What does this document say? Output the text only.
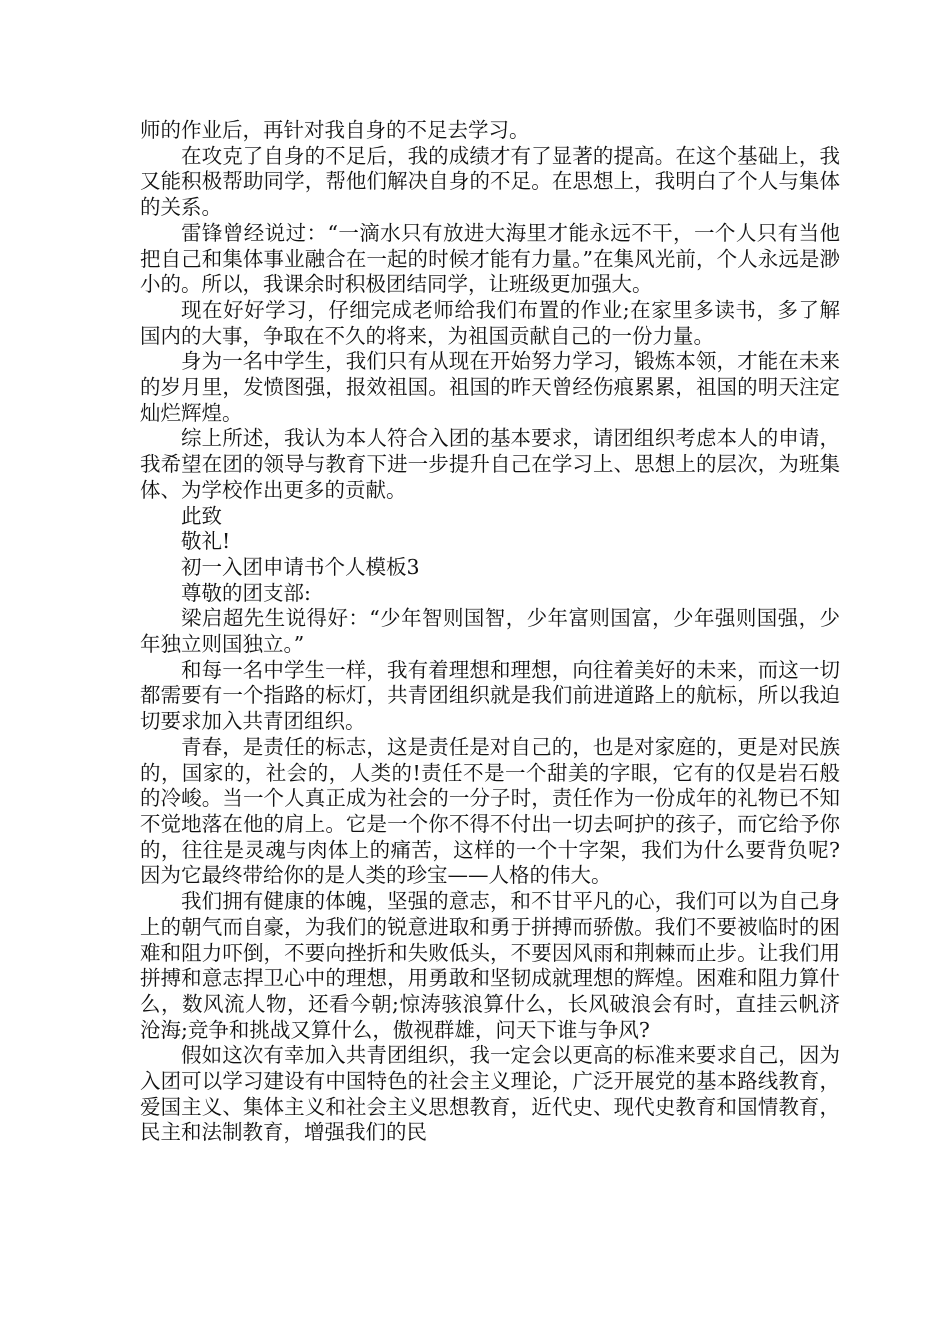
师的作业后，再针对我自身的不足去学习。

在攻克了自身的不足后，我的成绩才有了显著的提高。在这个基础上，我又能积极帮助同学，帮他们解决自身的不足。在思想上，我明白了个人与集体的关系。

雷锋曾经说过：“一滴水只有放进大海里才能永远不干，一个人只有当他把自己和集体事业融合在一起的时候才能有力量。”在集风光前，个人永远是渺小的。所以，我课余时积极团结同学，让班级更加强大。

现在好好学习，仔细完成老师给我们布置的作业;在家里多读书，多了解国内的大事，争取在不久的将来，为祖国贡献自己的一份力量。

身为一名中学生，我们只有从现在开始努力学习，锻炼本领，才能在未来的岁月里，发愤图强，报效祖国。祖国的昨天曾经伤痕累累，祖国的明天注定灿烂辉煌。

综上所述，我认为本人符合入团的基本要求，请团组织考虑本人的申请，我希望在团的领导与教育下进一步提升自己在学习上、思想上的层次，为班集体、为学校作出更多的贡献。

此致

敬礼!

初一入团申请书个人模板3

尊敬的团支部:

梁启超先生说得好：“少年智则国智，少年富则国富，少年强则国强，少年独立则国独立。”

和每一名中学生一样，我有着理想和理想，向往着美好的未来，而这一切都需要有一个指路的标灯，共青团组织就是我们前进道路上的航标，所以我迫切要求加入共青团组织。

青春，是责任的标志，这是责任是对自己的，也是对家庭的，更是对民族的，国家的，社会的，人类的!责任不是一个甜美的字眼，它有的仅是岩石般的冷峻。当一个人真正成为社会的一分子时，责任作为一份成年的礼物已不知不觉地落在他的肩上。它是一个你不得不付出一切去呵护的孩子，而它给予你的，往往是灵魂与肉体上的痛苦，这样的一个十字架，我们为什么要背负呢?因为它最终带给你的是人类的珍宝——人格的伟大。

我们拥有健康的体魄，坚强的意志，和不甘平凡的心，我们可以为自己身上的朝气而自豪，为我们的锐意进取和勇于拼搏而骄傲。我们不要被临时的困难和阻力吓倒，不要向挫折和失败低头，不要因风雨和荆棘而止步。让我们用拼搏和意志捍卫心中的理想，用勇敢和坚韧成就理想的辉煌。困难和阻力算什么，数风流人物，还看今朝;惊涛骇浪算什么，长风破浪会有时，直挂云帆济沧海;竞争和挑战又算什么，傲视群雄，问天下谁与争风?

假如这次有幸加入共青团组织，我一定会以更高的标准来要求自己，因为入团可以学习建设有中国特色的社会主义理论，广泛开展党的基本路线教育，爱国主义、集体主义和社会主义思想教育，近代史、现代史教育和国情教育，民主和法制教育，增强我们的民
